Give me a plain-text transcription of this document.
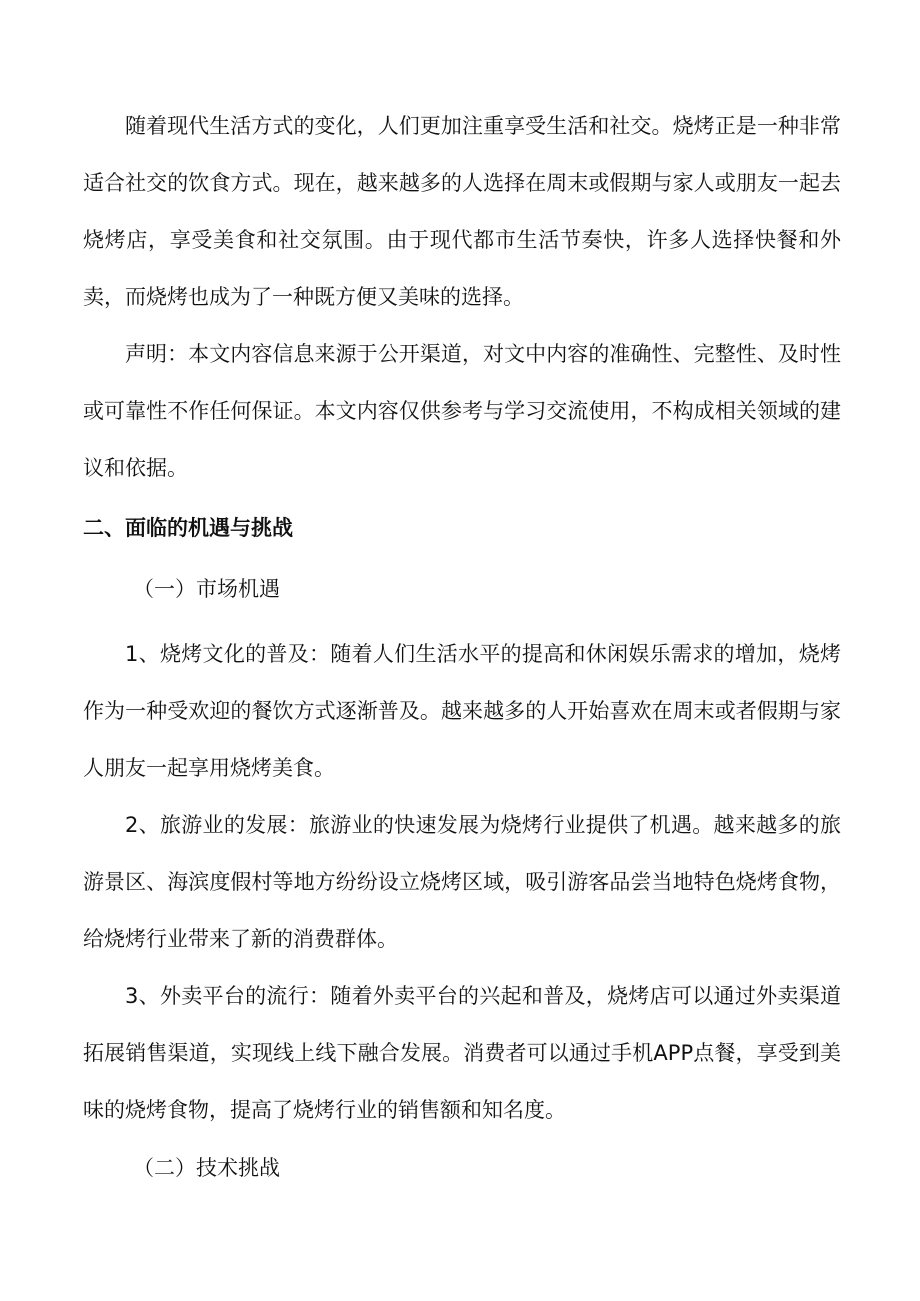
随着现代生活方式的变化，人们更加注重享受生活和社交。烧烤正是一种非常适合社交的饮食方式。现在，越来越多的人选择在周末或假期与家人或朋友一起去烧烤店，享受美食和社交氛围。由于现代都市生活节奏快，许多人选择快餐和外卖，而烧烤也成为了一种既方便又美味的选择。

声明：本文内容信息来源于公开渠道，对文中内容的准确性、完整性、及时性或可靠性不作任何保证。本文内容仅供参考与学习交流使用，不构成相关领域的建议和依据。

二、面临的机遇与挑战

（一）市场机遇

1、烧烤文化的普及：随着人们生活水平的提高和休闲娱乐需求的增加，烧烤作为一种受欢迎的餐饮方式逐渐普及。越来越多的人开始喜欢在周末或者假期与家人朋友一起享用烧烤美食。

2、旅游业的发展：旅游业的快速发展为烧烤行业提供了机遇。越来越多的旅游景区、海滨度假村等地方纷纷设立烧烤区域，吸引游客品尝当地特色烧烤食物，给烧烤行业带来了新的消费群体。

3、外卖平台的流行：随着外卖平台的兴起和普及，烧烤店可以通过外卖渠道拓展销售渠道，实现线上线下融合发展。消费者可以通过手机APP点餐，享受到美味的烧烤食物，提高了烧烤行业的销售额和知名度。

（二）技术挑战
